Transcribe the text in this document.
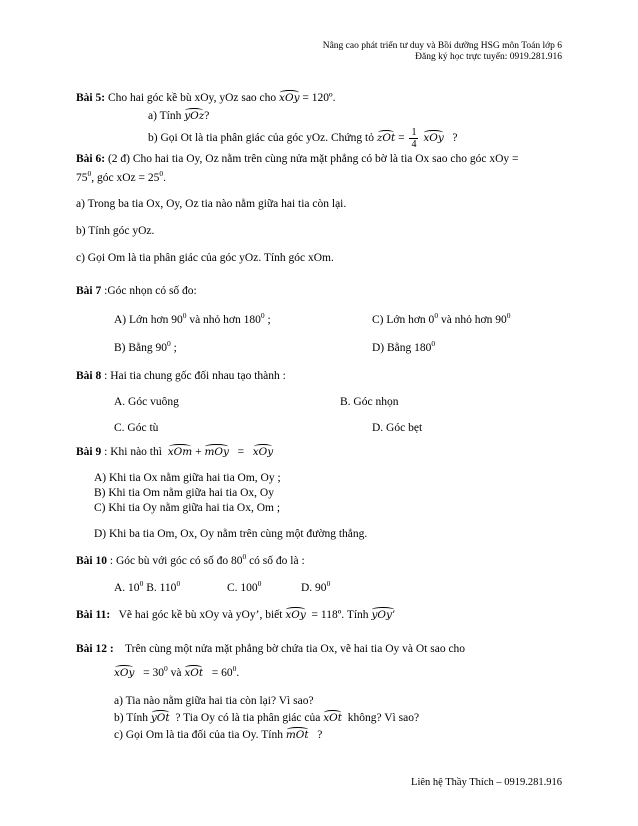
Nâng cao phát triển tư duy và Bồi dưỡng HSG môn Toán lớp 6
Đăng ký học trực tuyến: 0919.281.916
Bài 5: Cho hai góc kề bù xOy, yOz sao cho xOy = 120º.
a) Tính yOz?
b) Gọi Ot là tia phân giác của góc yOz. Chứng tỏ zOt = $\frac{1}{4}$ xOy ?
Bài 6: (2 đ) Cho hai tia Oy, Oz nằm trên cùng nửa mặt phẳng có bờ là tia Ox sao cho góc xOy =
$75^0$, góc xOz = $25^0$.
a) Trong ba tia Ox, Oy, Oz tia nào nằm giữa hai tia còn lại.
b) Tính góc yOz.
c) Gọi Om là tia phân giác của góc yOz. Tính góc xOm.
Bài 7 :Góc nhọn có số đo:
A) Lớn hơn $90^0$ và nhỏ hơn $180^0$ ;	C) Lớn hơn $0^0$ và nhỏ hơn $90^0$
B) Bằng $90^0$ ;	D) Bằng $180^0$
Bài 8 : Hai tia chung gốc đối nhau tạo thành :
A. Góc vuông	B. Góc nhọn
C. Góc tù	D. Góc bẹt
Bài 9 : Khi nào thì xOm + mOy = xOy
A) Khi tia Ox nằm giữa hai tia Om, Oy ;
B) Khi tia Om nằm giữa hai tia Ox, Oy
C) Khi tia Oy nằm giữa hai tia Ox, Om ;
D) Khi ba tia Om, Ox, Oy nằm trên cùng một đường thẳng.
Bài 10 : Góc bù với góc có số đo $80^0$ có số đo là :
A. $10^0$ B. $110^0$	C. $100^0$	D. $90^0$
Bài 11: Vẽ hai góc kề bù xOy và yOy’, biết xOy = 118º. Tính yOy’
Bài 12 : Trên cùng một nửa mặt phẳng bờ chứa tia Ox, vẽ hai tia Oy và Ot sao cho
xOy = $30^0$ và xOt = $60^0$.
a) Tia nào nằm giữa hai tia còn lại? Vì sao?
b) Tính yOt ? Tia Oy có là tia phân giác của xOt không? Vì sao?
c) Gọi Om là tia đối của tia Oy. Tính mOt ?
Liên hệ Thầy Thích – 0919.281.916
